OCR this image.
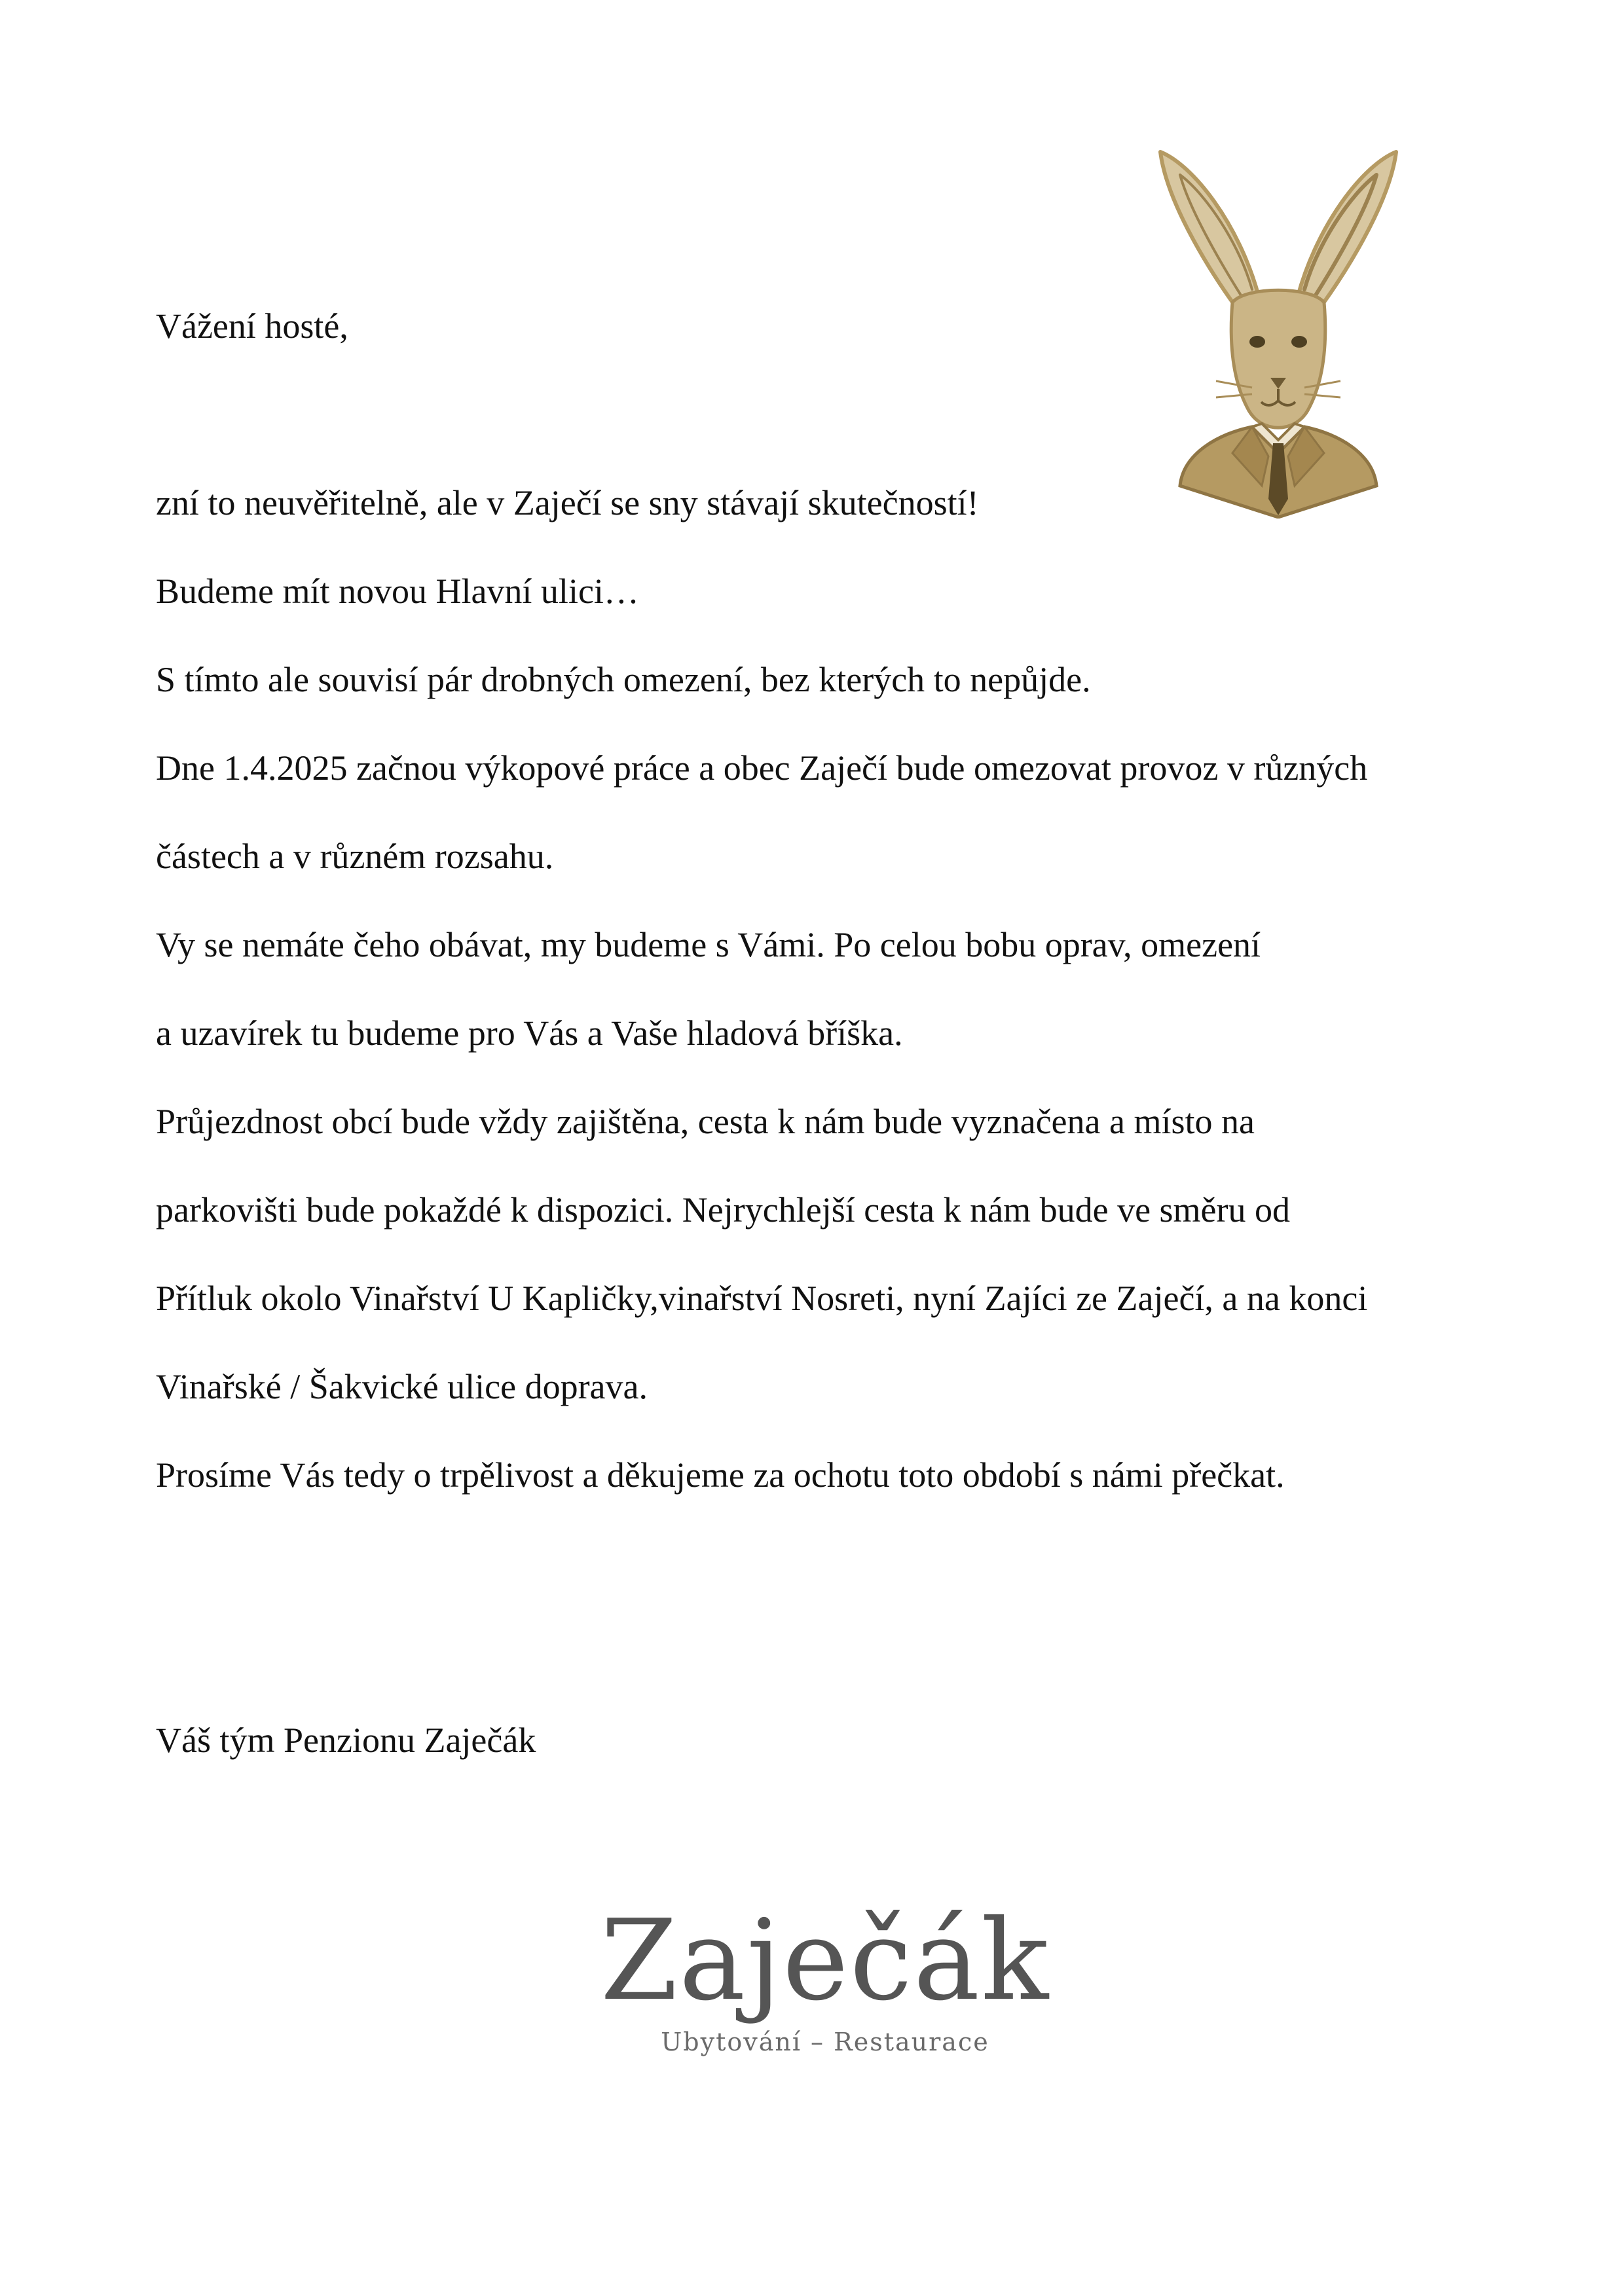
Vážení hosté,
zní to neuvěřitelně, ale v Zaječí se sny stávají skutečností!
Budeme mít novou Hlavní ulici…
S tímto ale souvisí pár drobných omezení, bez kterých to nepůjde.
Dne 1.4.2025 začnou výkopové práce a obec Zaječí bude omezovat provoz v různých
částech a v různém rozsahu.
Vy se nemáte čeho obávat, my budeme s Vámi. Po celou bobu oprav, omezení
a uzavírek tu budeme pro Vás a Vaše hladová bříška.
Průjezdnost obcí bude vždy zajištěna, cesta k nám bude vyznačena a místo na
parkovišti bude pokaždé k dispozici. Nejrychlejší cesta k nám bude ve směru od
Přítluk okolo Vinařství U Kapličky,vinařství Nosreti, nyní Zajíci ze Zaječí, a na konci
Vinařské / Šakvické ulice doprava.
Prosíme Vás tedy o trpělivost a děkujeme za ochotu toto období s námi přečkat.
Váš tým Penzionu Zaječák
Zaječák
Ubytování – Restaurace
